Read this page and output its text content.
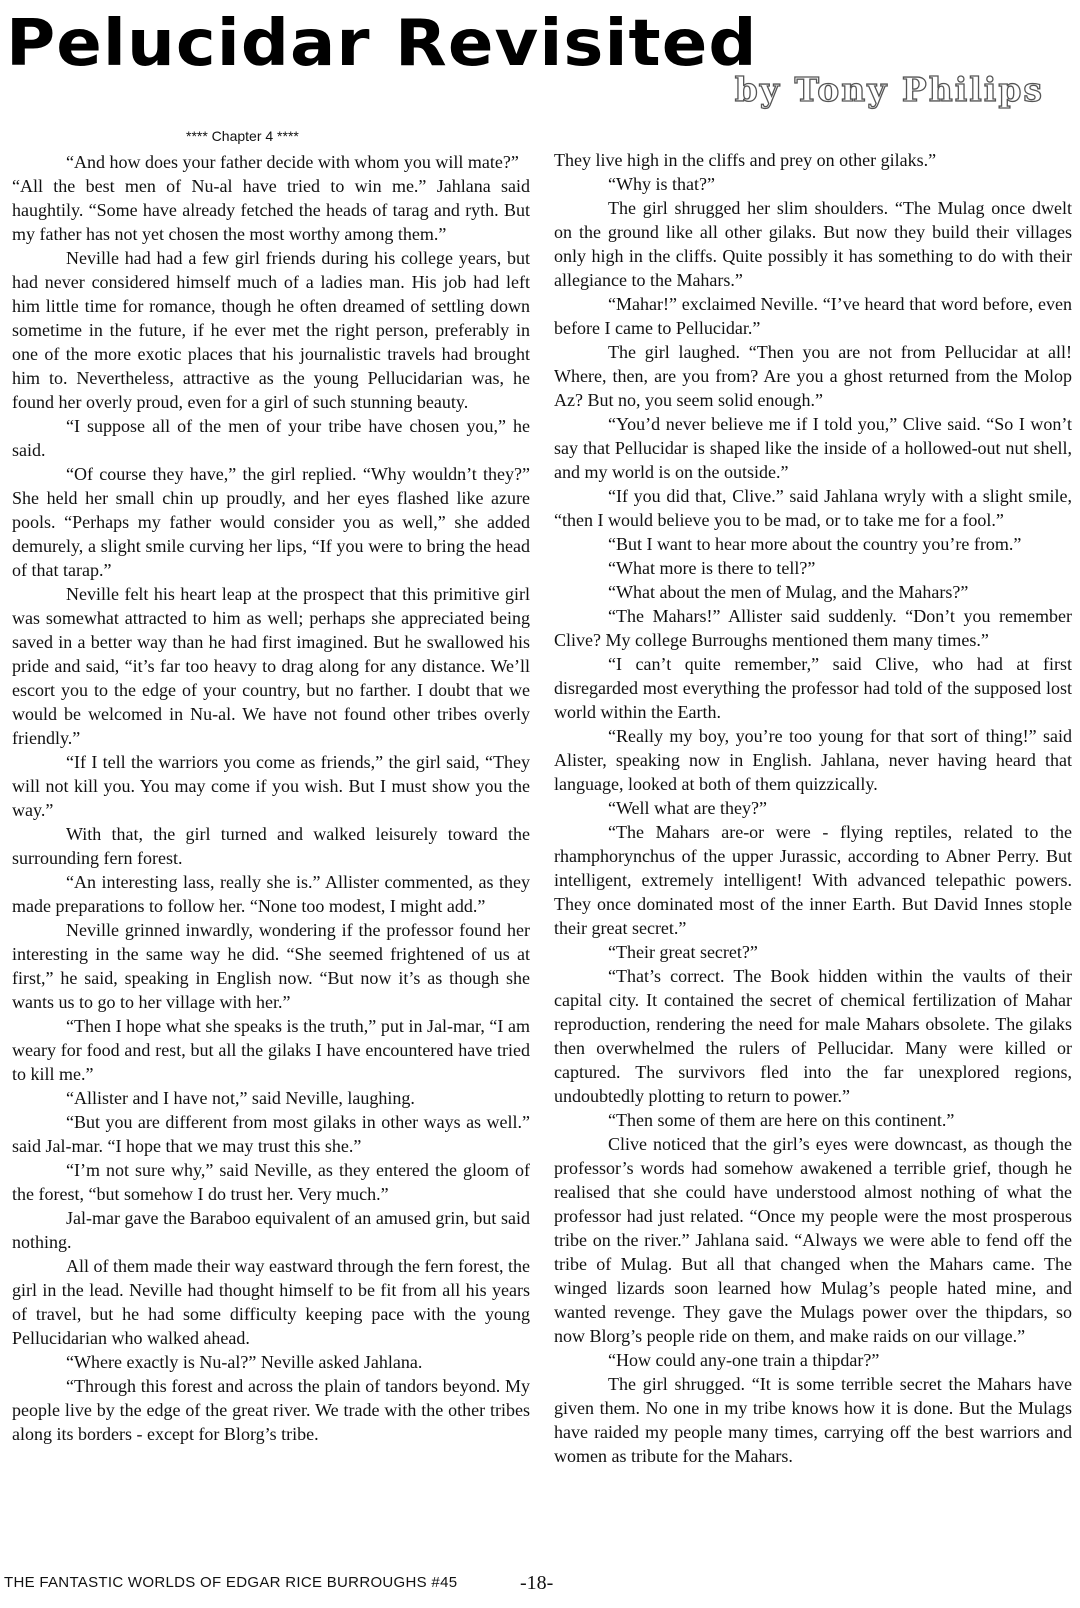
Pelucidar Revisited
by Tony Philips
**** Chapter 4 ****

“And how does your father decide with whom you will mate?”

“All the best men of Nu-al have tried to win me.” Jahlana said haughtily. “Some have already fetched the heads of tarag and ryth. But my father has not yet chosen the most worthy among them.”

Neville had had a few girl friends during his college years, but had never considered himself much of a ladies man. His job had left him little time for romance, though he often dreamed of settling down sometime in the future, if he ever met the right person, preferably in one of the more exotic places that his journalistic travels had brought him to. Nevertheless, attractive as the young Pellucidarian was, he found her overly proud, even for a girl of such stunning beauty.

“I suppose all of the men of your tribe have chosen you,” he said.

“Of course they have,” the girl replied. “Why wouldn’t they?” She held her small chin up proudly, and her eyes flashed like azure pools. “Perhaps my father would consider you as well,” she added demurely, a slight smile curving her lips, “If you were to bring the head of that tarap.”

Neville felt his heart leap at the prospect that this primitive girl was somewhat attracted to him as well; perhaps she appreciated being saved in a better way than he had first imagined. But he swallowed his pride and said, “it’s far too heavy to drag along for any distance. We’ll escort you to the edge of your country, but no farther. I doubt that we would be welcomed in Nu-al. We have not found other tribes overly friendly.”

“If I tell the warriors you come as friends,” the girl said, “They will not kill you. You may come if you wish. But I must show you the way.”

With that, the girl turned and walked leisurely toward the surrounding fern forest.

“An interesting lass, really she is.” Allister commented, as they made preparations to follow her. “None too modest, I might add.”

Neville grinned inwardly, wondering if the professor found her interesting in the same way he did. “She seemed frightened of us at first,” he said, speaking in English now. “But now it’s as though she wants us to go to her village with her.”

“Then I hope what she speaks is the truth,” put in Jal-mar, “I am weary for food and rest, but all the gilaks I have encountered have tried to kill me.”

“Allister and I have not,” said Neville, laughing.

“But you are different from most gilaks in other ways as well.” said Jal-mar. “I hope that we may trust this she.”

“I’m not sure why,” said Neville, as they entered the gloom of the forest, “but somehow I do trust her. Very much.”

Jal-mar gave the Baraboo equivalent of an amused grin, but said nothing.

All of them made their way eastward through the fern forest, the girl in the lead. Neville had thought himself to be fit from all his years of travel, but he had some difficulty keeping pace with the young Pellucidarian who walked ahead.

“Where exactly is Nu-al?” Neville asked Jahlana.

“Through this forest and across the plain of tandors beyond. My people live by the edge of the great river. We trade with the other tribes along its borders - except for Blorg’s tribe.

They live high in the cliffs and prey on other gilaks.”

“Why is that?”

The girl shrugged her slim shoulders. “The Mulag once dwelt on the ground like all other gilaks. But now they build their villages only high in the cliffs. Quite possibly it has something to do with their allegiance to the Mahars.”

“Mahar!” exclaimed Neville. “I’ve heard that word before, even before I came to Pellucidar.”

The girl laughed. “Then you are not from Pellucidar at all! Where, then, are you from? Are you a ghost returned from the Molop Az? But no, you seem solid enough.”

“You’d never believe me if I told you,” Clive said. “So I won’t say that Pellucidar is shaped like the inside of a hollowed-out nut shell, and my world is on the outside.”

“If you did that, Clive.” said Jahlana wryly with a slight smile, “then I would believe you to be mad, or to take me for a fool.”

“But I want to hear more about the country you’re from.”

“What more is there to tell?”

“What about the men of Mulag, and the Mahars?”

“The Mahars!” Allister said suddenly. “Don’t you remember Clive? My college Burroughs mentioned them many times.”

“I can’t quite remember,” said Clive, who had at first disregarded most everything the professor had told of the supposed lost world within the Earth.

“Really my boy, you’re too young for that sort of thing!” said Alister, speaking now in English. Jahlana, never having heard that language, looked at both of them quizzically.

“Well what are they?”

“The Mahars are-or were - flying reptiles, related to the rhamphorynchus of the upper Jurassic, according to Abner Perry. But intelligent, extremely intelligent! With advanced telepathic powers. They once dominated most of the inner Earth. But David Innes stople their great secret.”

“Their great secret?”

“That’s correct. The Book hidden within the vaults of their capital city. It contained the secret of chemical fertilization of Mahar reproduction, rendering the need for male Mahars obsolete. The gilaks then overwhelmed the rulers of Pellucidar. Many were killed or captured. The survivors fled into the far unexplored regions, undoubtedly plotting to return to power.”

“Then some of them are here on this continent.”

Clive noticed that the girl’s eyes were downcast, as though the professor’s words had somehow awakened a terrible grief, though he realised that she could have understood almost nothing of what the professor had just related. “Once my people were the most prosperous tribe on the river.” Jahlana said. “Always we were able to fend off the tribe of Mulag. But all that changed when the Mahars came. The winged lizards soon learned how Mulag’s people hated mine, and wanted revenge. They gave the Mulags power over the thipdars, so now Blorg’s people ride on them, and make raids on our village.”

“How could any-one train a thipdar?”

The girl shrugged. “It is some terrible secret the Mahars have given them. No one in my tribe knows how it is done. But the Mulags have raided my people many times, carrying off the best warriors and women as tribute for the Mahars.

THE FANTASTIC WORLDS OF EDGAR RICE BURROUGHS #45	-18-
